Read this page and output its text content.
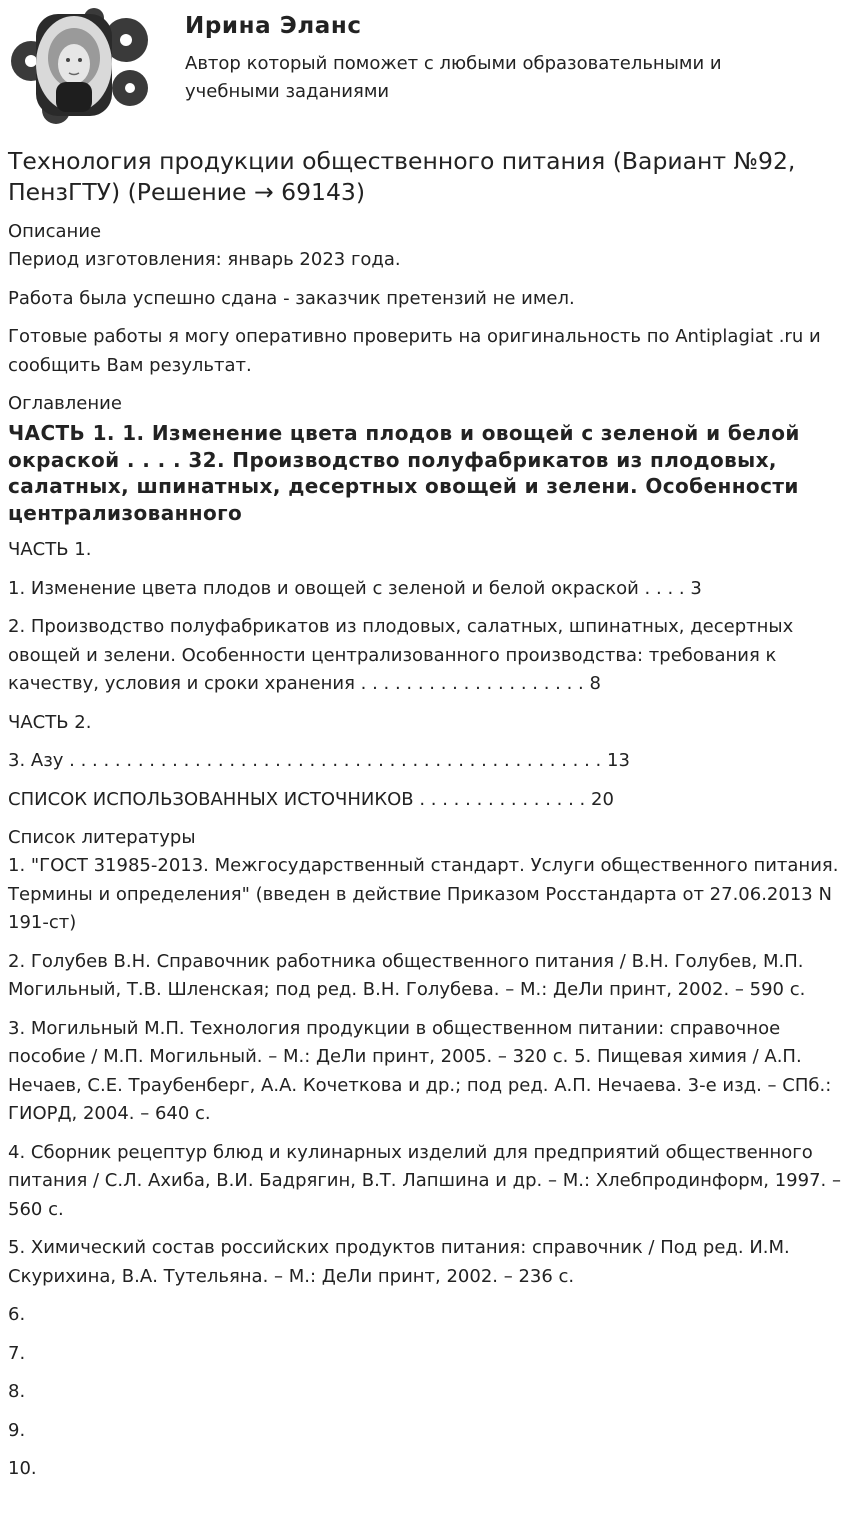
Ирина Эланс
Автор который поможет с любыми образовательными и учебными заданиями
Технология продукции общественного питания (Вариант №92, ПензГТУ) (Решение → 69143)
Описание
Период изготовления: январь 2023 года.
Работа была успешно сдана - заказчик претензий не имел.
Готовые работы я могу оперативно проверить на оригинальность по Antiplagiat .ru и сообщить Вам результат.
Оглавление
ЧАСТЬ 1. 1. Изменение цвета плодов и овощей с зеленой и белой окраской . . . . 32. Производство полуфабрикатов из плодовых, салатных, шпинатных, десертных овощей и зелени. Особенности централизованного
ЧАСТЬ 1.
1. Изменение цвета плодов и овощей с зеленой и белой окраской . . . . 3
2. Производство полуфабрикатов из плодовых, салатных, шпинатных, десертных овощей и зелени. Особенности централизованного производства: требования к качеству, условия и сроки хранения . . . . . . . . . . . . . . . . . . . . 8
ЧАСТЬ 2.
3. Азу . . . . . . . . . . . . . . . . . . . . . . . . . . . . . . . . . . . . . . . . . . . . . . . 13
СПИСОК ИСПОЛЬЗОВАННЫХ ИСТОЧНИКОВ . . . . . . . . . . . . . . . 20
Список литературы
1. "ГОСТ 31985-2013. Межгосударственный стандарт. Услуги общественного питания. Термины и определения" (введен в действие Приказом Росстандарта от 27.06.2013 N 191-ст)
2. Голубев В.Н. Справочник работника общественного питания / В.Н. Голубев, М.П. Могильный, Т.В. Шленская; под ред. В.Н. Голубева. – М.: ДеЛи принт, 2002. – 590 с.
3. Могильный М.П. Технология продукции в общественном питании: справочное пособие / М.П. Могильный. – М.: ДеЛи принт, 2005. – 320 с. 5. Пищевая химия / А.П. Нечаев, С.Е. Траубенберг, А.А. Кочеткова и др.; под ред. А.П. Нечаева. 3-е изд. – СПб.: ГИОРД, 2004. – 640 с.
4. Сборник рецептур блюд и кулинарных изделий для предприятий общественного питания / С.Л. Ахиба, В.И. Бадрягин, В.Т. Лапшина и др. – М.: Хлебпродинформ, 1997. – 560 с.
5. Химический состав российских продуктов питания: справочник / Под ред. И.М. Скурихина, В.А. Тутельяна. – М.: ДеЛи принт, 2002. – 236 с.
6.
7.
8.
9.
10.
